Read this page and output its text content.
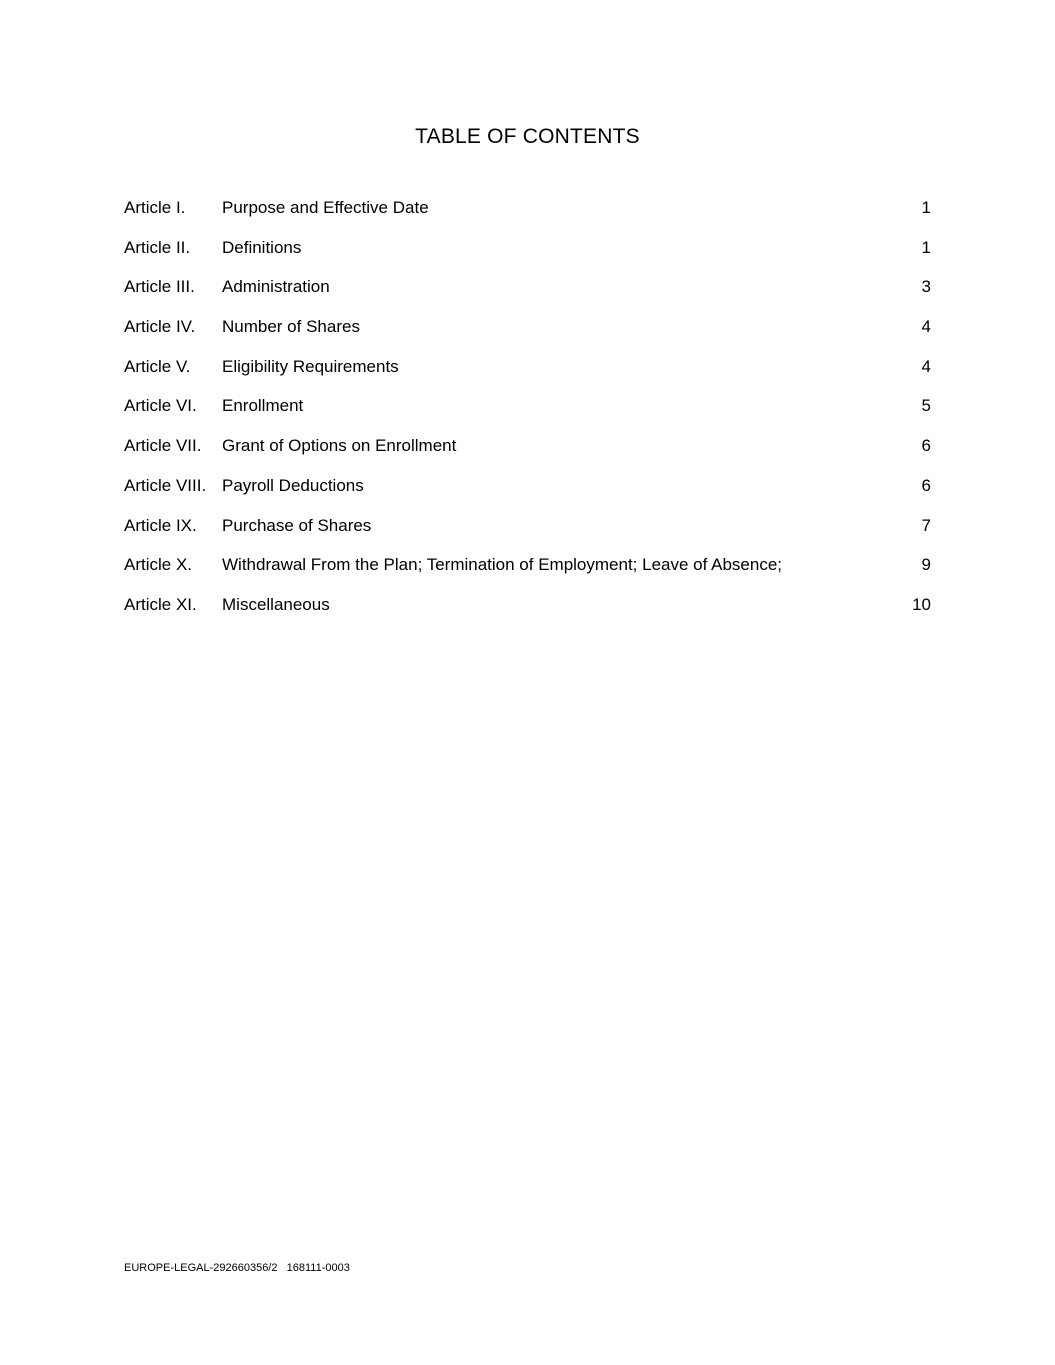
TABLE OF CONTENTS
Article I. Purpose and Effective Date	1
Article II. Definitions	1
Article III. Administration	3
Article IV. Number of Shares	4
Article V. Eligibility Requirements	4
Article VI. Enrollment	5
Article VII. Grant of Options on Enrollment	6
Article VIII. Payroll Deductions	6
Article IX. Purchase of Shares	7
Article X. Withdrawal From the Plan; Termination of Employment; Leave of Absence;	9
Article XI. Miscellaneous	10
EUROPE-LEGAL-292660356/2   168111-0003
